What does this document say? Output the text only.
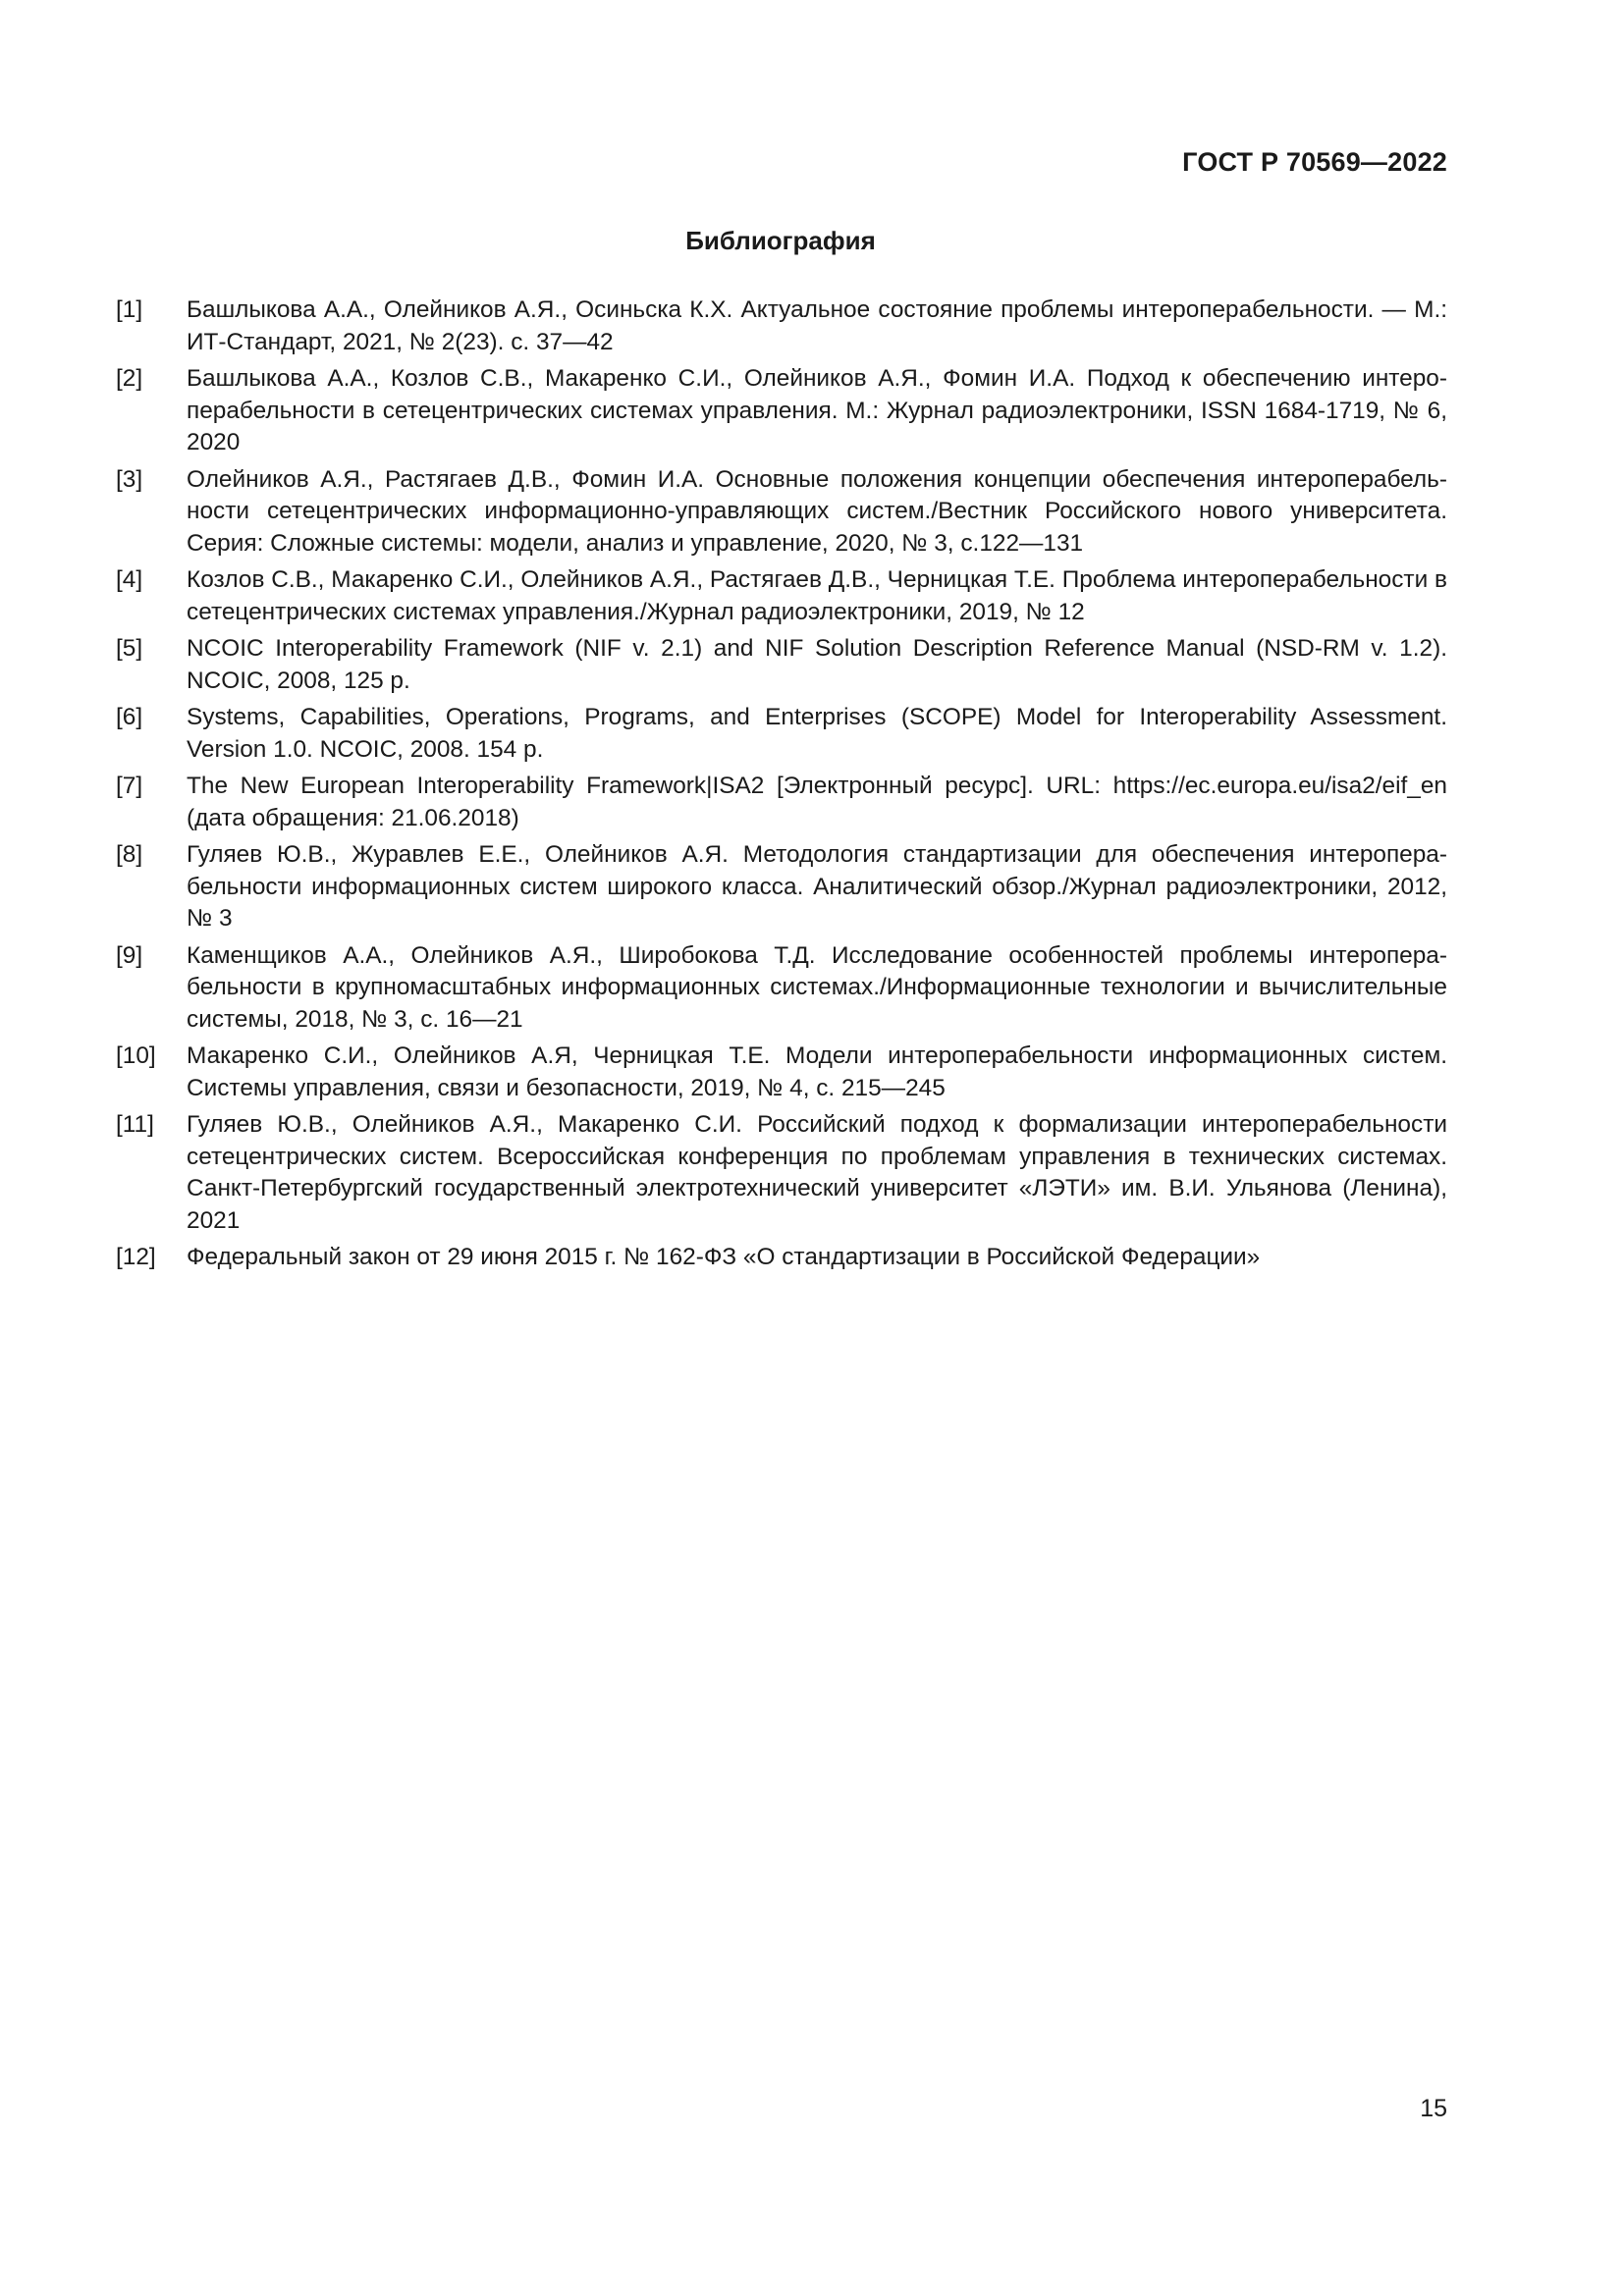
ГОСТ Р 70569—2022
Библиография
[1]	Башлыкова А.А., Олейников А.Я., Осиньска К.Х. Актуальное состояние проблемы интероперабельности. — М.: ИТ-Стандарт, 2021, № 2(23). с. 37—42
[2]	Башлыкова А.А., Козлов С.В., Макаренко С.И., Олейников А.Я., Фомин И.А. Подход к обеспечению интероперабельности в сетецентрических системах управления. М.: Журнал радиоэлектроники, ISSN 1684-1719, № 6, 2020
[3]	Олейников А.Я., Растягаев Д.В., Фомин И.А. Основные положения концепции обеспечения интероперабельности сетецентрических информационно-управляющих систем./Вестник Российского нового университета. Серия: Сложные системы: модели, анализ и управление, 2020, № 3, с.122—131
[4]	Козлов С.В., Макаренко С.И., Олейников А.Я., Растягаев Д.В., Черницкая Т.Е. Проблема интероперабельности в сетецентрических системах управления./Журнал радиоэлектроники, 2019, № 12
[5]	NCOIC Interoperability Framework (NIF v. 2.1) and NIF Solution Description Reference Manual (NSD-RM v. 1.2). NCOIC, 2008, 125 p.
[6]	Systems, Capabilities, Operations, Programs, and Enterprises (SCOPE) Model for Interoperability Assessment. Version 1.0. NCOIC, 2008. 154 p.
[7]	The New European Interoperability Framework|ISA2 [Электронный ресурс]. URL: https://ec.europa.eu/isa2/eif_en (дата обращения: 21.06.2018)
[8]	Гуляев Ю.В., Журавлев Е.Е., Олейников А.Я. Методология стандартизации для обеспечения интероперабельности информационных систем широкого класса. Аналитический обзор./Журнал радиоэлектроники, 2012, № 3
[9]	Каменщиков А.А., Олейников А.Я., Широбокова Т.Д. Исследование особенностей проблемы интероперабельности в крупномасштабных информационных системах./Информационные технологии и вычислительные системы, 2018, № 3, с. 16—21
[10]	Макаренко С.И., Олейников А.Я, Черницкая Т.Е. Модели интероперабельности информационных систем. Системы управления, связи и безопасности, 2019, № 4, с. 215—245
[11]	Гуляев Ю.В., Олейников А.Я., Макаренко С.И. Российский подход к формализации интероперабельности сетецентрических систем. Всероссийская конференция по проблемам управления в технических системах. Санкт-Петербургский государственный электротехнический университет «ЛЭТИ» им. В.И. Ульянова (Ленина), 2021
[12]	Федеральный закон от 29 июня 2015 г. № 162-ФЗ «О стандартизации в Российской Федерации»
15
